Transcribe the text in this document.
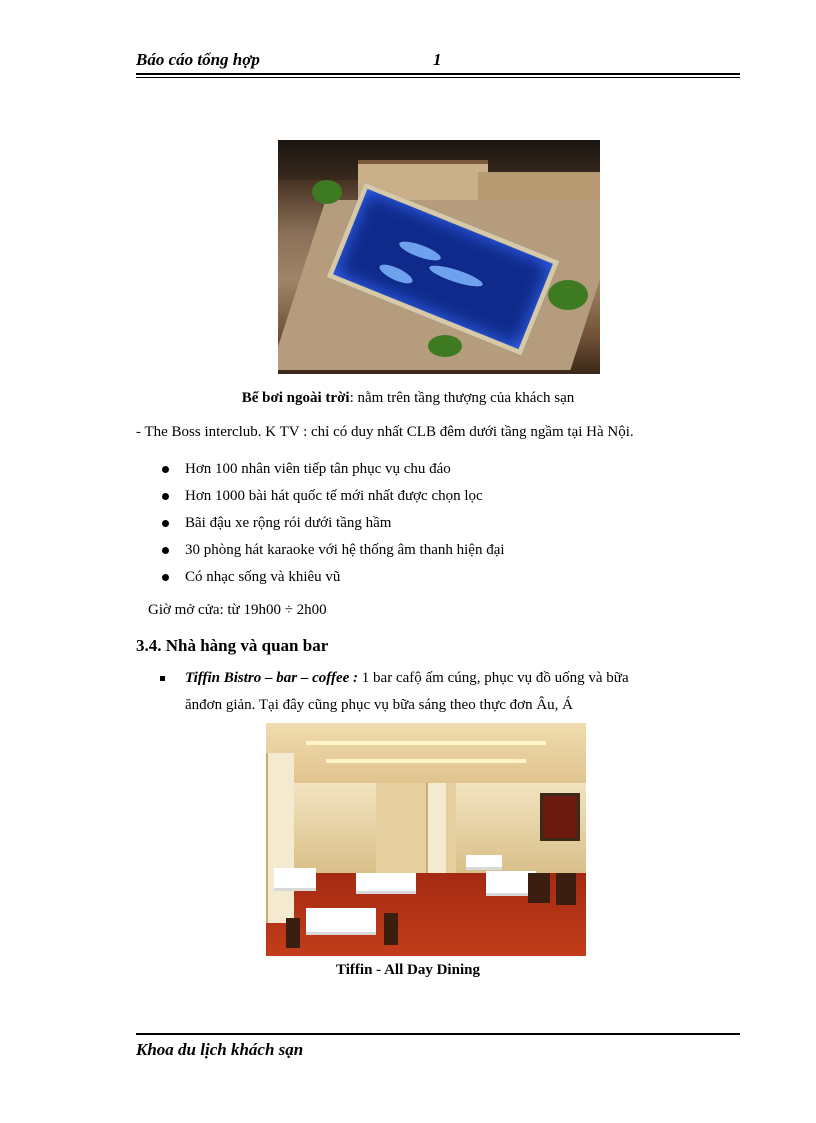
Báo cáo tổng hợp	1
Bể bơi ngoài trời: nằm trên tầng thượng của khách sạn
- The Boss interclub. K TV : chỉ có duy nhất CLB đêm dưới tầng ngầm tại Hà Nội.
Hơn 100 nhân viên tiếp tân phục vụ chu đáo
Hơn 1000 bài hát quốc tế mới nhất được chọn lọc
Bãi đậu xe rộng rói dưới tầng hầm
30 phòng hát karaoke với hệ thống âm thanh hiện đại
Có nhạc sống và khiêu vũ
Giờ mở cửa: từ 19h00 ÷ 2h00
3.4. Nhà hàng và quan bar
Tiffin Bistro – bar – coffee : 1 bar cafộ ấm cúng, phục vụ đồ uống và bữa
ănđơn giản. Tại đây cũng phục vụ bữa sáng theo thực đơn Âu, Á
Tiffin - All Day Dining
Khoa du lịch khách sạn
